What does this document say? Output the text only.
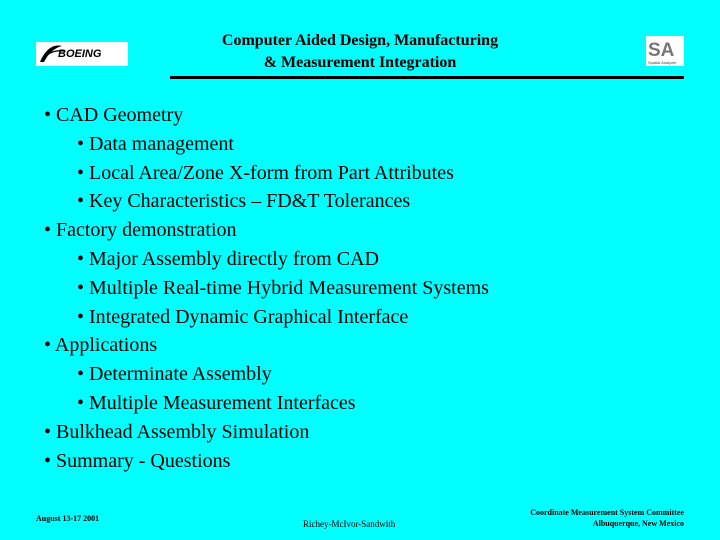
BOEING
Computer Aided Design, Manufacturing
& Measurement Integration
SA
Spatial Analyzer
• CAD Geometry
• Data management
• Local Area/Zone X-form from Part Attributes
• Key Characteristics – FD&T Tolerances
• Factory demonstration
• Major Assembly directly from CAD
• Multiple Real-time Hybrid Measurement Systems
• Integrated Dynamic Graphical Interface
• Applications
• Determinate Assembly
• Multiple Measurement Interfaces
• Bulkhead Assembly Simulation
• Summary - Questions
August 13-17 2001
Richey-McIvor-Sandwith
Coordinate Measurement System Committee
Albuquerque, New Mexico
